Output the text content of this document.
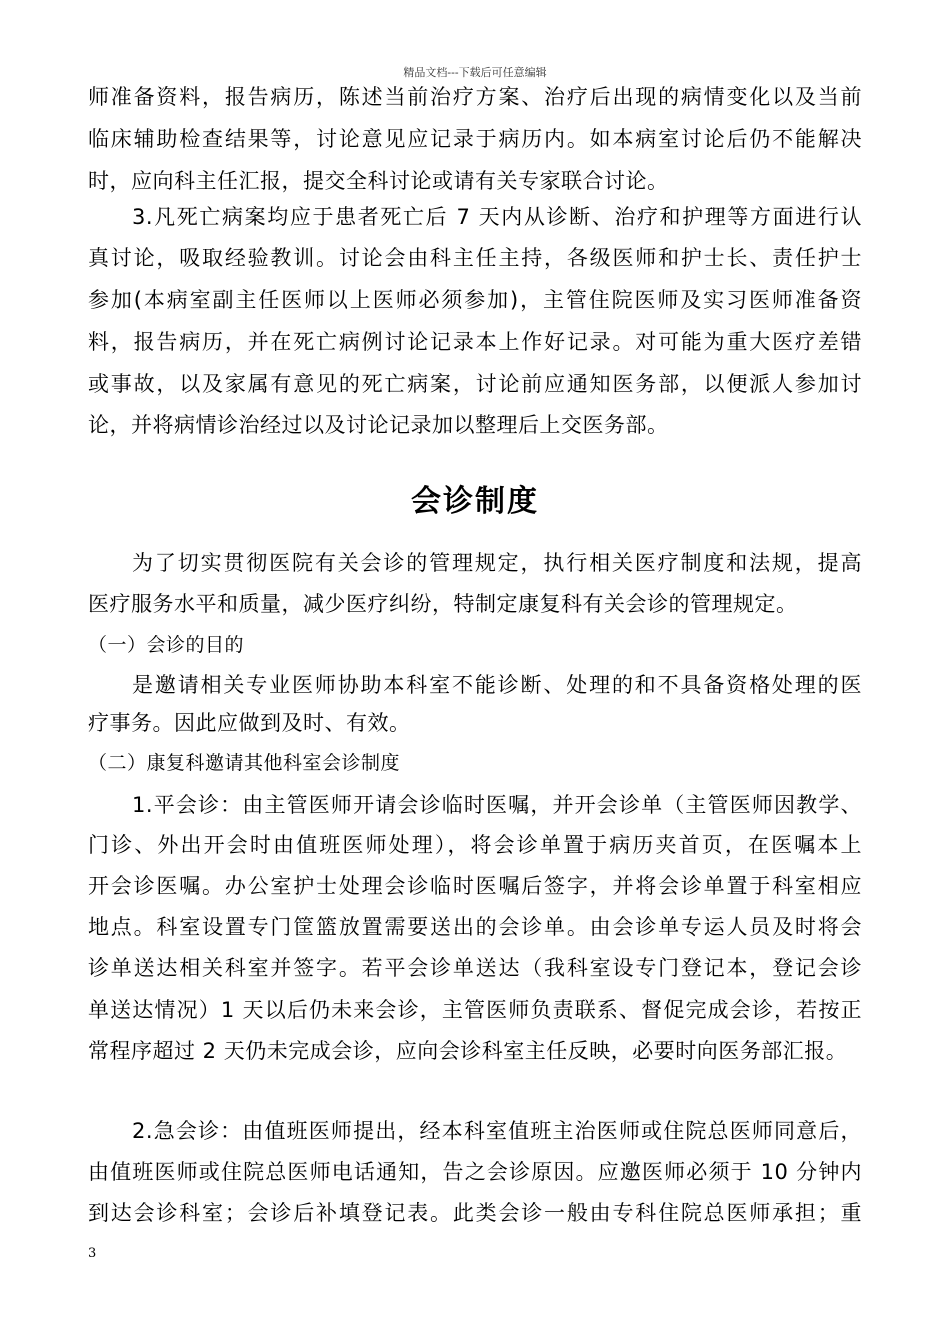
精品文档---下载后可任意编辑
师准备资料，报告病历，陈述当前治疗方案、治疗后出现的病情变化以及当前
临床辅助检查结果等，讨论意见应记录于病历内。如本病室讨论后仍不能解决
时，应向科主任汇报，提交全科讨论或请有关专家联合讨论。
3.凡死亡病案均应于患者死亡后 7 天内从诊断、治疗和护理等方面进行认
真讨论，吸取经验教训。讨论会由科主任主持，各级医师和护士长、责任护士
参加(本病室副主任医师以上医师必须参加)，主管住院医师及实习医师准备资
料，报告病历，并在死亡病例讨论记录本上作好记录。对可能为重大医疗差错
或事故，以及家属有意见的死亡病案，讨论前应通知医务部，以便派人参加讨
论，并将病情诊治经过以及讨论记录加以整理后上交医务部。
会诊制度
为了切实贯彻医院有关会诊的管理规定，执行相关医疗制度和法规，提高
医疗服务水平和质量，减少医疗纠纷，特制定康复科有关会诊的管理规定。
（一）会诊的目的
是邀请相关专业医师协助本科室不能诊断、处理的和不具备资格处理的医
疗事务。因此应做到及时、有效。
（二）康复科邀请其他科室会诊制度
1.平会诊：由主管医师开请会诊临时医嘱，并开会诊单（主管医师因教学、
门诊、外出开会时由值班医师处理），将会诊单置于病历夹首页，在医嘱本上
开会诊医嘱。办公室护士处理会诊临时医嘱后签字，并将会诊单置于科室相应
地点。科室设置专门筐篮放置需要送出的会诊单。由会诊单专运人员及时将会
诊单送达相关科室并签字。若平会诊单送达（我科室设专门登记本，登记会诊
单送达情况）1 天以后仍未来会诊，主管医师负责联系、督促完成会诊，若按正
常程序超过 2 天仍未完成会诊，应向会诊科室主任反映，必要时向医务部汇报。
2.急会诊：由值班医师提出，经本科室值班主治医师或住院总医师同意后，
由值班医师或住院总医师电话通知，告之会诊原因。应邀医师必须于 10 分钟内
到达会诊科室；会诊后补填登记表。此类会诊一般由专科住院总医师承担；重
3
